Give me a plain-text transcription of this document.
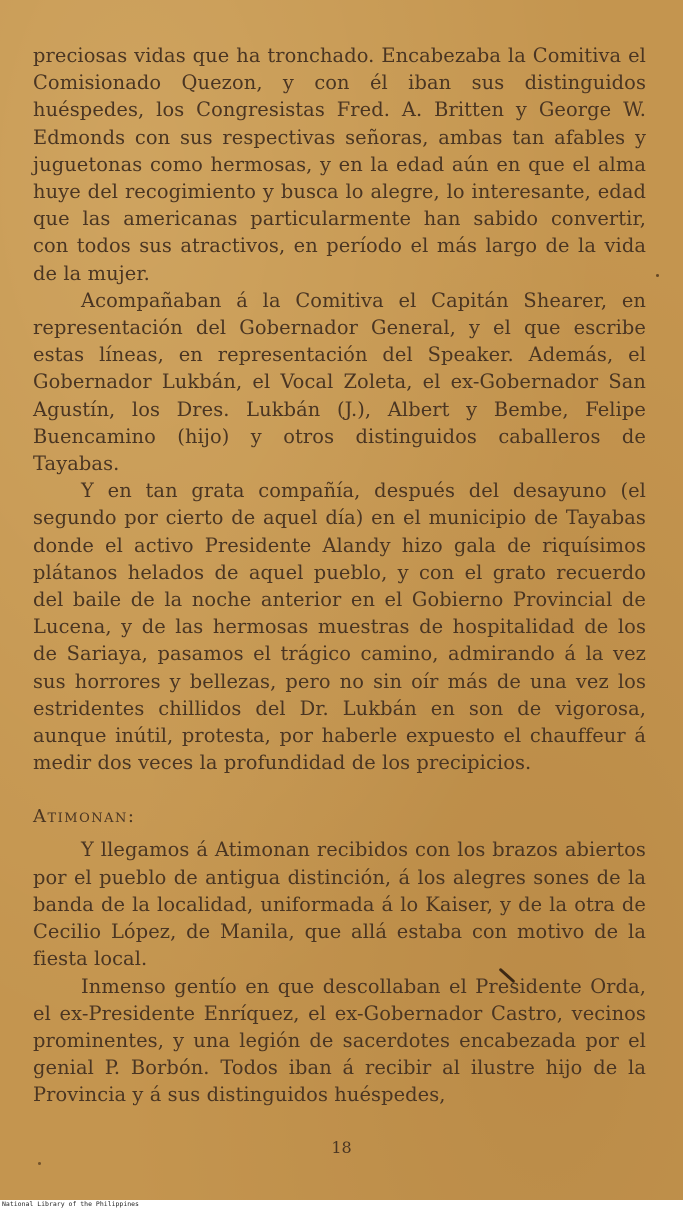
preciosas vidas que ha tronchado. Encabezaba la Comitiva el Comisionado Quezon, y con él iban sus distinguidos huéspedes, los Congresistas Fred. A. Britten y George W. Edmonds con sus respectivas señoras, ambas tan afables y juguetonas como hermosas, y en la edad aún en que el alma huye del recogimiento y busca lo alegre, lo interesante, edad que las americanas particularmente han sabido convertir, con todos sus atractivos, en período el más largo de la vida de la mujer.

Acompañaban á la Comitiva el Capitán Shearer, en representación del Gobernador General, y el que escribe estas líneas, en representación del Speaker. Además, el Gobernador Lukbán, el Vocal Zoleta, el ex-Gobernador San Agustín, los Dres. Lukbán (J.), Albert y Bembe, Felipe Buencamino (hijo) y otros distinguidos caballeros de Tayabas.

Y en tan grata compañía, después del desayuno (el segundo por cierto de aquel día) en el municipio de Tayabas donde el activo Presidente Alandy hizo gala de riquísimos plátanos helados de aquel pueblo, y con el grato recuerdo del baile de la noche anterior en el Gobierno Provincial de Lucena, y de las hermosas muestras de hospitalidad de los de Sariaya, pasamos el trágico camino, admirando á la vez sus horrores y bellezas, pero no sin oír más de una vez los estridentes chillidos del Dr. Lukbán en son de vigorosa, aunque inútil, protesta, por haberle expuesto el chauffeur á medir dos veces la profundidad de los precipicios.

Atimonan:

Y llegamos á Atimonan recibidos con los brazos abiertos por el pueblo de antigua distinción, á los alegres sones de la banda de la localidad, uniformada á lo Kaiser, y de la otra de Cecilio López, de Manila, que allá estaba con motivo de la fiesta local.

Inmenso gentío en que descollaban el Presidente Orda, el ex-Presidente Enríquez, el ex-Gobernador Castro, vecinos prominentes, y una legión de sacerdotes encabezada por el genial P. Borbón. Todos iban á recibir al ilustre hijo de la Provincia y á sus distinguidos huéspedes,

18
National Library of the Philippines
